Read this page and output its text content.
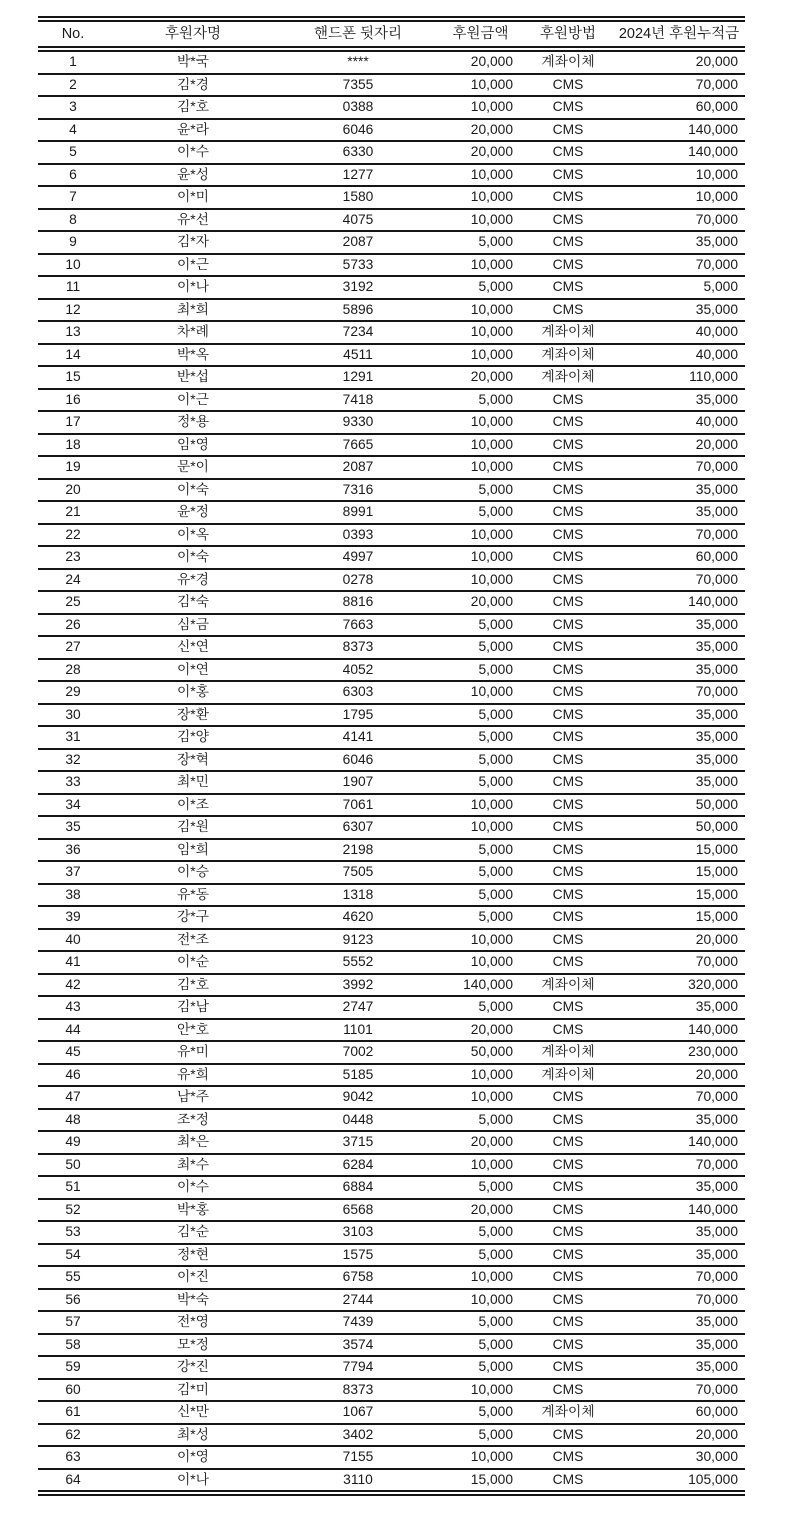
No.	후원자명	핸드폰 뒷자리	후원금액	후원방법	2024년 후원누적금
1	박*국	****	20,000	계좌이체	20,000
2	김*경	7355	10,000	CMS	70,000
3	김*호	0388	10,000	CMS	60,000
4	윤*라	6046	20,000	CMS	140,000
5	이*수	6330	20,000	CMS	140,000
6	윤*성	1277	10,000	CMS	10,000
7	이*미	1580	10,000	CMS	10,000
8	유*선	4075	10,000	CMS	70,000
9	김*자	2087	5,000	CMS	35,000
10	이*근	5733	10,000	CMS	70,000
11	이*나	3192	5,000	CMS	5,000
12	최*희	5896	10,000	CMS	35,000
13	차*례	7234	10,000	계좌이체	40,000
14	박*옥	4511	10,000	계좌이체	40,000
15	반*섭	1291	20,000	계좌이체	110,000
16	이*근	7418	5,000	CMS	35,000
17	정*용	9330	10,000	CMS	40,000
18	임*영	7665	10,000	CMS	20,000
19	문*이	2087	10,000	CMS	70,000
20	이*숙	7316	5,000	CMS	35,000
21	윤*정	8991	5,000	CMS	35,000
22	이*옥	0393	10,000	CMS	70,000
23	이*숙	4997	10,000	CMS	60,000
24	유*경	0278	10,000	CMS	70,000
25	김*숙	8816	20,000	CMS	140,000
26	심*금	7663	5,000	CMS	35,000
27	신*연	8373	5,000	CMS	35,000
28	이*연	4052	5,000	CMS	35,000
29	이*홍	6303	10,000	CMS	70,000
30	장*환	1795	5,000	CMS	35,000
31	김*양	4141	5,000	CMS	35,000
32	장*혁	6046	5,000	CMS	35,000
33	최*민	1907	5,000	CMS	35,000
34	이*조	7061	10,000	CMS	50,000
35	김*원	6307	10,000	CMS	50,000
36	임*희	2198	5,000	CMS	15,000
37	이*승	7505	5,000	CMS	15,000
38	유*동	1318	5,000	CMS	15,000
39	강*구	4620	5,000	CMS	15,000
40	전*조	9123	10,000	CMS	20,000
41	이*순	5552	10,000	CMS	70,000
42	김*호	3992	140,000	계좌이체	320,000
43	김*남	2747	5,000	CMS	35,000
44	안*호	1101	20,000	CMS	140,000
45	유*미	7002	50,000	계좌이체	230,000
46	유*희	5185	10,000	계좌이체	20,000
47	남*주	9042	10,000	CMS	70,000
48	조*정	0448	5,000	CMS	35,000
49	최*은	3715	20,000	CMS	140,000
50	최*수	6284	10,000	CMS	70,000
51	이*수	6884	5,000	CMS	35,000
52	박*홍	6568	20,000	CMS	140,000
53	김*순	3103	5,000	CMS	35,000
54	정*현	1575	5,000	CMS	35,000
55	이*진	6758	10,000	CMS	70,000
56	박*숙	2744	10,000	CMS	70,000
57	전*영	7439	5,000	CMS	35,000
58	모*정	3574	5,000	CMS	35,000
59	강*진	7794	5,000	CMS	35,000
60	김*미	8373	10,000	CMS	70,000
61	신*만	1067	5,000	계좌이체	60,000
62	최*성	3402	5,000	CMS	20,000
63	이*영	7155	10,000	CMS	30,000
64	이*나	3110	15,000	CMS	105,000
